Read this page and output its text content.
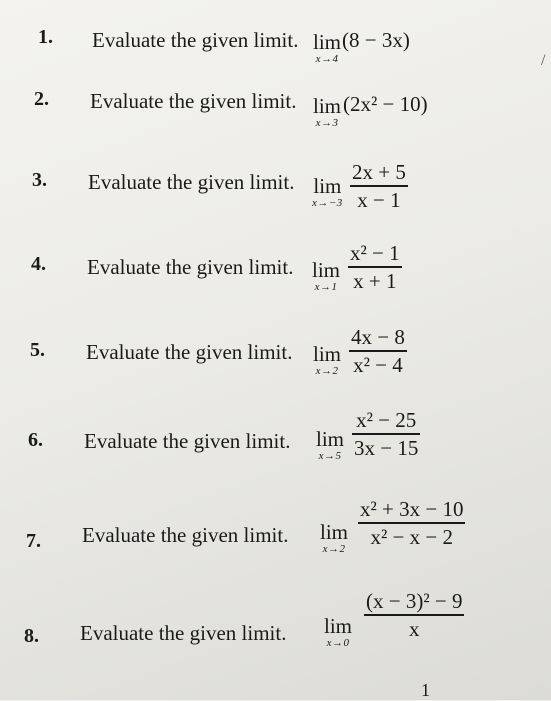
1. Evaluate the given limit. lim
x→4
(8 − 3x)
2. Evaluate the given limit. lim
x→3
(2x² − 10)
3. Evaluate the given limit. lim
x→−3
2x + 5
x − 1
4. Evaluate the given limit. lim
x→1
x² − 1
x + 1
5. Evaluate the given limit. lim
x→2
4x − 8
x² − 4
6. Evaluate the given limit. lim
x→5
x² − 25
3x − 15
7. Evaluate the given limit. lim
x→2
x² + 3x − 10
x² − x − 2
8. Evaluate the given limit. lim
x→0
(x − 3)² − 9
x
1
/
